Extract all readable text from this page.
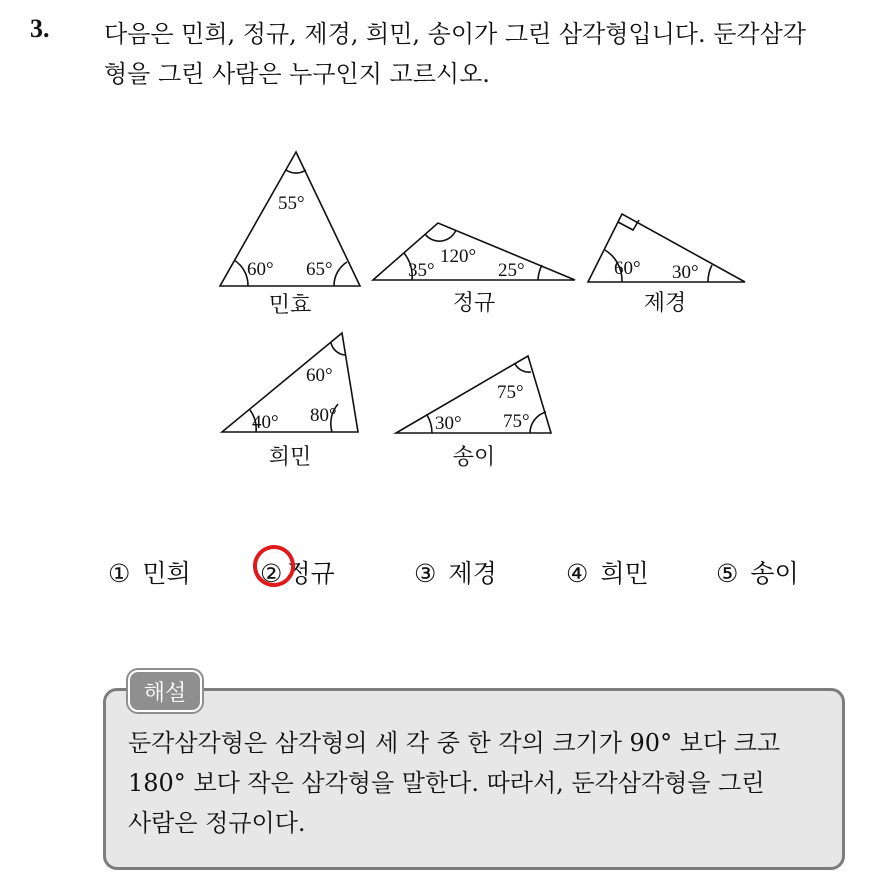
3. 다음은 민희, 정규, 제경, 희민, 송이가 그린 삼각형입니다. 둔각삼각
형을 그린 사람은 누구인지 고르시오.
55°
60° 65°
120°
35°	25°	60° 30°
60°
40° 80°
75°
30° 75°
민효	정규	제경
희민	송이
① 민희	② 정규	③ 제경	④ 희민	⑤ 송이
둔각삼각형은 삼각형의 세 각 중 한 각의 크기가 90° 보다 크고
180° 보다 작은 삼각형을 말한다. 따라서, 둔각삼각형을 그린
사람은 정규이다.
해설
